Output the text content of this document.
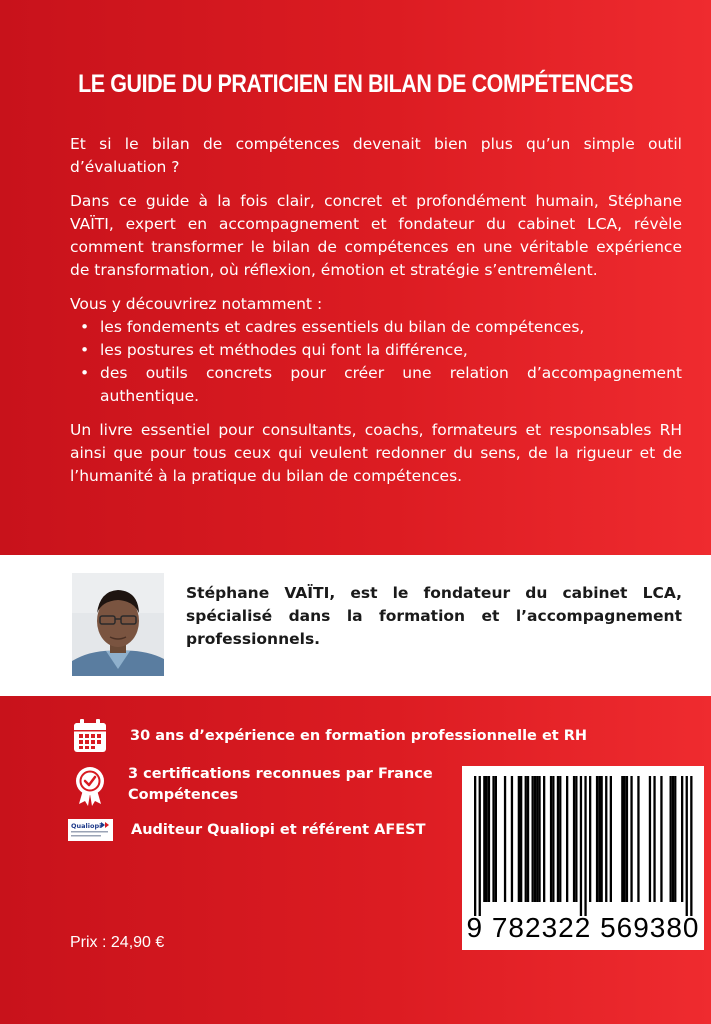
LE GUIDE DU PRATICIEN EN BILAN DE COMPÉTENCES

Et si le bilan de compétences devenait bien plus qu’un simple outil d’évaluation ?

Dans ce guide à la fois clair, concret et profondément humain, Stéphane VAÏTI, expert en accompagnement et fondateur du cabinet LCA, révèle comment transformer le bilan de compétences en une véritable expérience de transformation, où réflexion, émotion et stratégie s’entremêlent.

Vous y découvrirez notamment :

• les fondements et cadres essentiels du bilan de compétences,
• les postures et méthodes qui font la différence,
• des outils concrets pour créer une relation d’accompagnement authentique.

Un livre essentiel pour consultants, coachs, formateurs et responsables RH ainsi que pour tous ceux qui veulent redonner du sens, de la rigueur et de l’humanité à la pratique du bilan de compétences.

Stéphane VAÏTI, est le fondateur du cabinet LCA, spécialisé dans la formation et l’accompagnement professionnels.
30 ans d’expérience en formation professionnelle et RH
3 certifications reconnues par France Compétences
Qualiopi Auditeur Qualiopi et référent AFEST
9 782322 569380
Prix : 24,90 €
